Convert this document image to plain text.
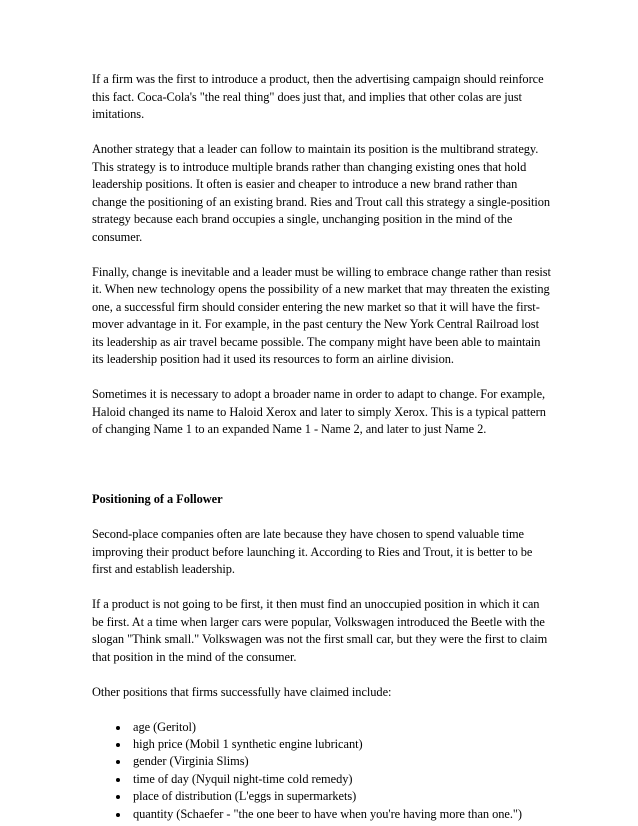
If a firm was the first to introduce a product, then the advertising campaign should reinforce this fact. Coca-Cola's "the real thing" does just that, and implies that other colas are just imitations.

Another strategy that a leader can follow to maintain its position is the multibrand strategy. This strategy is to introduce multiple brands rather than changing existing ones that hold leadership positions. It often is easier and cheaper to introduce a new brand rather than change the positioning of an existing brand. Ries and Trout call this strategy a single-position strategy because each brand occupies a single, unchanging position in the mind of the consumer.

Finally, change is inevitable and a leader must be willing to embrace change rather than resist it. When new technology opens the possibility of a new market that may threaten the existing one, a successful firm should consider entering the new market so that it will have the first-mover advantage in it. For example, in the past century the New York Central Railroad lost its leadership as air travel became possible. The company might have been able to maintain its leadership position had it used its resources to form an airline division.

Sometimes it is necessary to adopt a broader name in order to adapt to change. For example, Haloid changed its name to Haloid Xerox and later to simply Xerox. This is a typical pattern of changing Name 1 to an expanded Name 1 - Name 2, and later to just Name 2.

Positioning of a Follower

Second-place companies often are late because they have chosen to spend valuable time improving their product before launching it. According to Ries and Trout, it is better to be first and establish leadership.

If a product is not going to be first, it then must find an unoccupied position in which it can be first. At a time when larger cars were popular, Volkswagen introduced the Beetle with the slogan "Think small." Volkswagen was not the first small car, but they were the first to claim that position in the mind of the consumer.

Other positions that firms successfully have claimed include:

age (Geritol)
high price (Mobil 1 synthetic engine lubricant)
gender (Virginia Slims)
time of day (Nyquil night-time cold remedy)
place of distribution (L'eggs in supermarkets)
quantity (Schaefer - "the one beer to have when you're having more than one.")
